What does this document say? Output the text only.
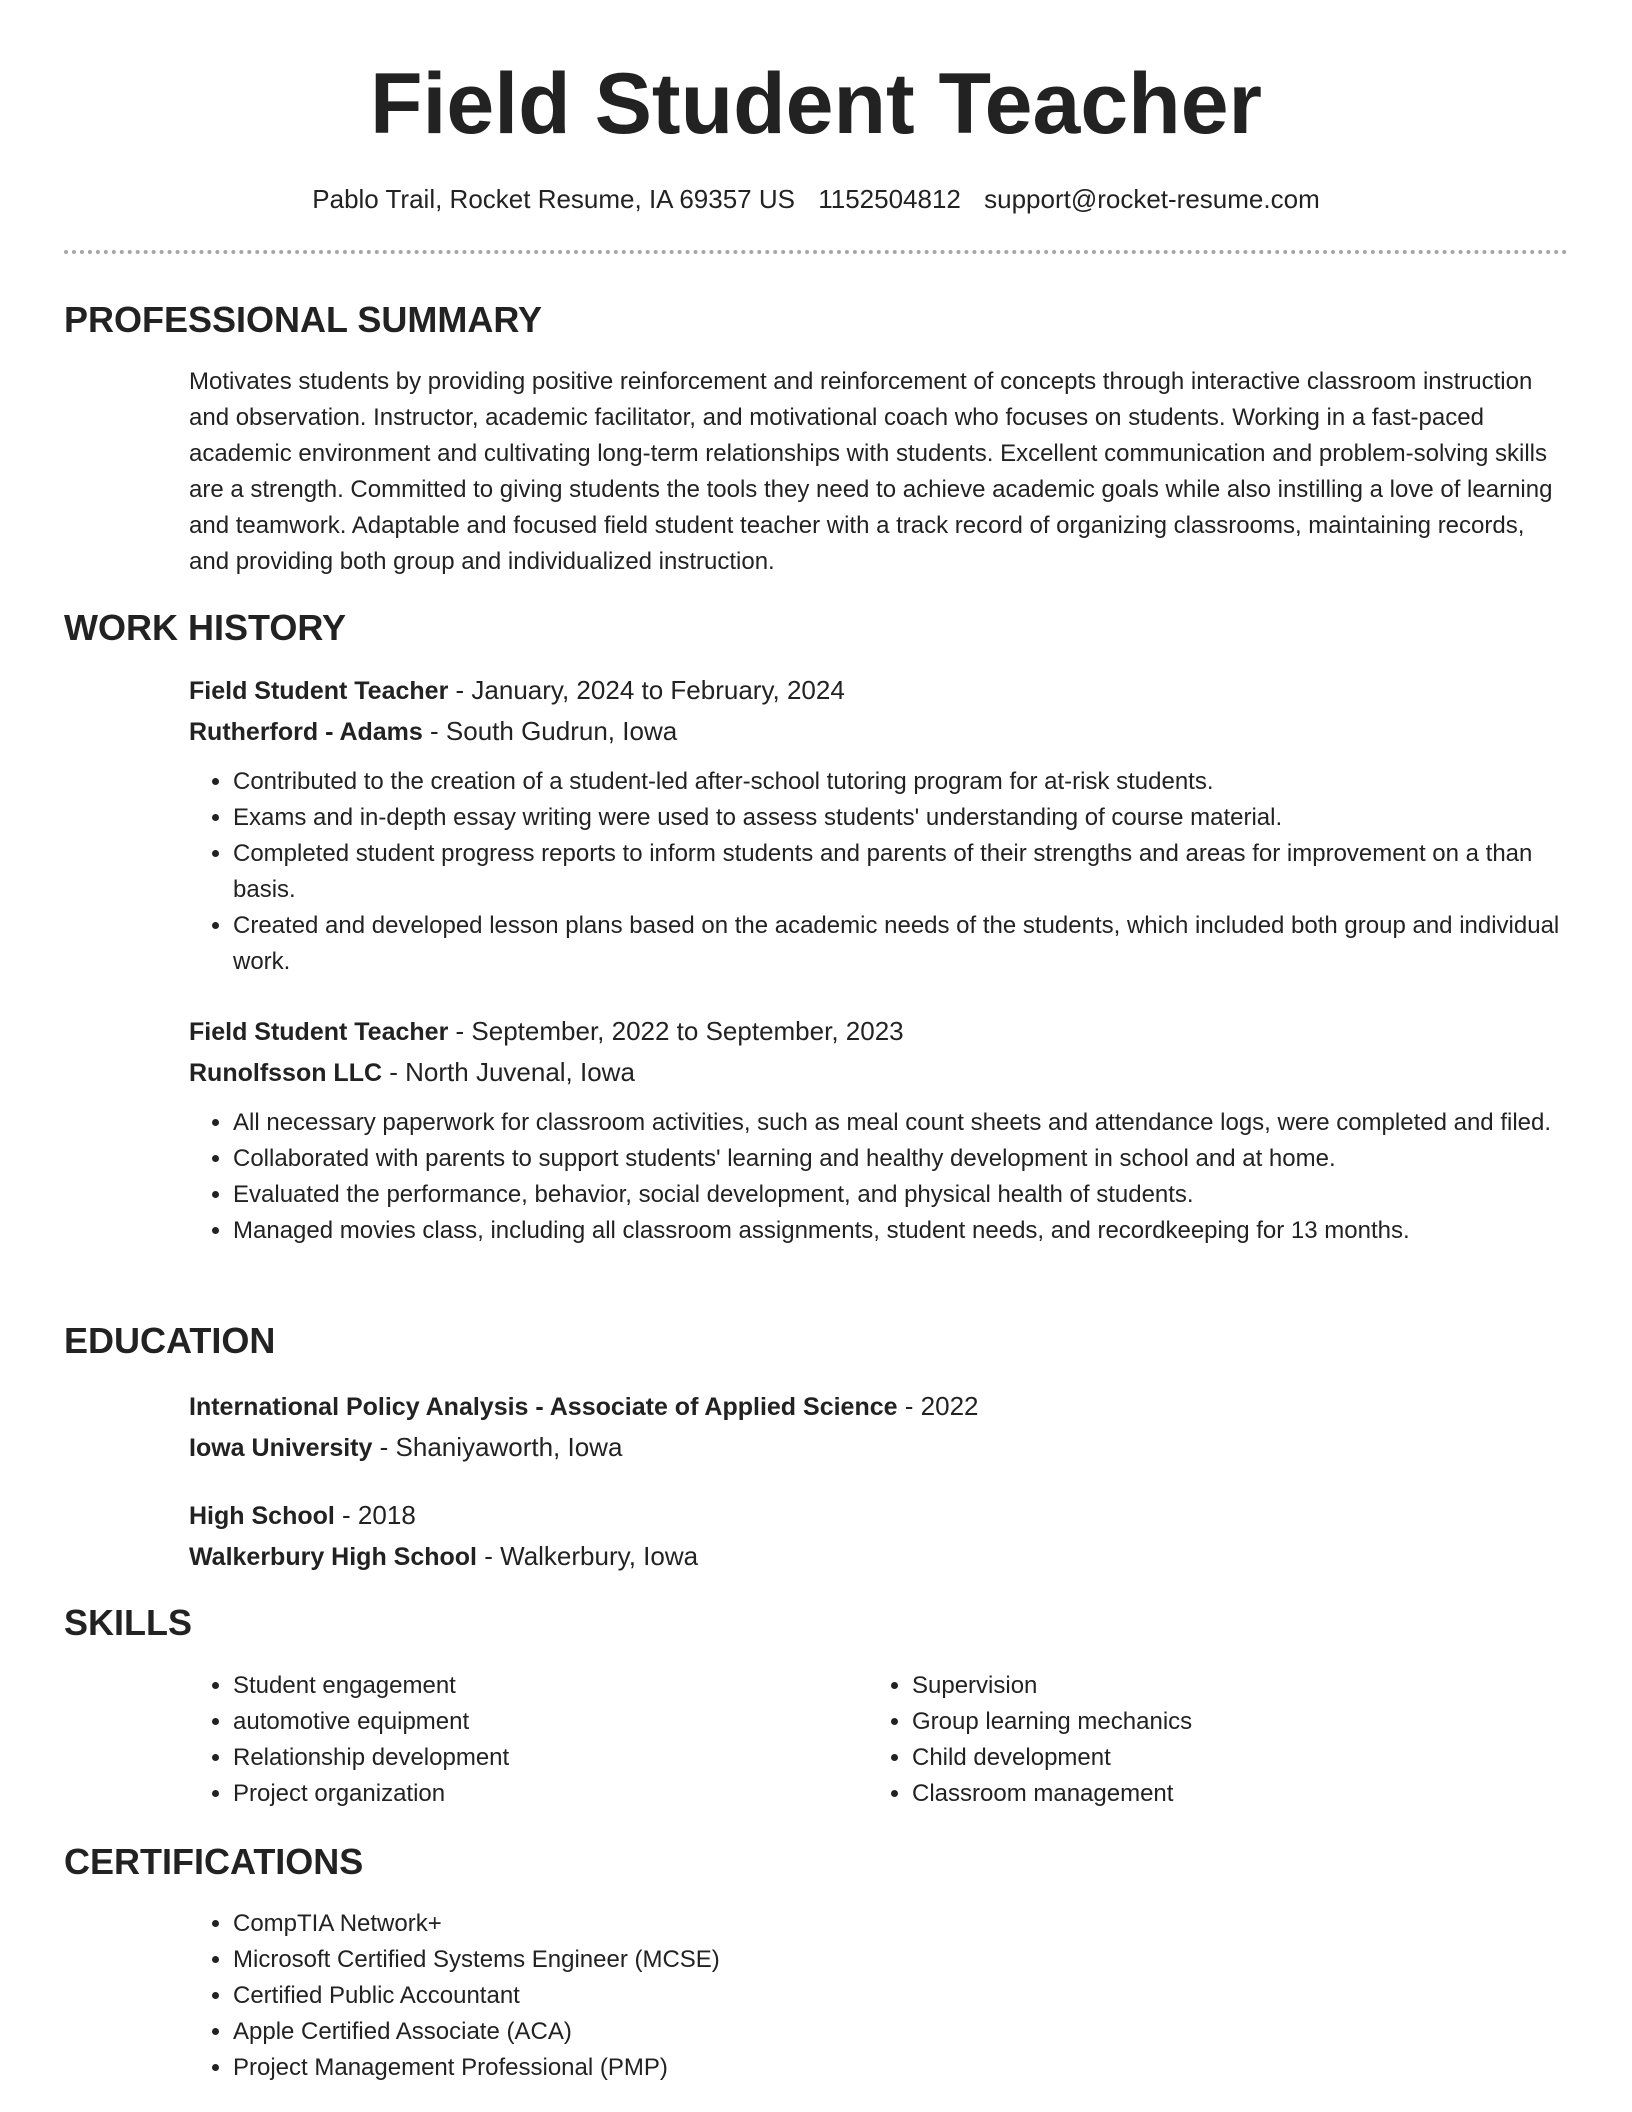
Field Student Teacher
Pablo Trail, Rocket Resume, IA 69357 US 1152504812 support@rocket-resume.com
PROFESSIONAL SUMMARY

Motivates students by providing positive reinforcement and reinforcement of concepts through interactive classroom instruction and observation. Instructor, academic facilitator, and motivational coach who focuses on students. Working in a fast-paced academic environment and cultivating long-term relationships with students. Excellent communication and problem-solving skills are a strength. Committed to giving students the tools they need to achieve academic goals while also instilling a love of learning and teamwork. Adaptable and focused field student teacher with a track record of organizing classrooms, maintaining records, and providing both group and individualized instruction.

WORK HISTORY

Field Student Teacher - January, 2024 to February, 2024

Rutherford - Adams - South Gudrun, Iowa

• Contributed to the creation of a student-led after-school tutoring program for at-risk students.
• Exams and in-depth essay writing were used to assess students' understanding of course material.
• Completed student progress reports to inform students and parents of their strengths and areas for improvement on a than basis.
• Created and developed lesson plans based on the academic needs of the students, which included both group and individual work.

Field Student Teacher - September, 2022 to September, 2023

Runolfsson LLC - North Juvenal, Iowa

• All necessary paperwork for classroom activities, such as meal count sheets and attendance logs, were completed and filed.
• Collaborated with parents to support students' learning and healthy development in school and at home.
• Evaluated the performance, behavior, social development, and physical health of students.
• Managed movies class, including all classroom assignments, student needs, and recordkeeping for 13 months.
EDUCATION

International Policy Analysis - Associate of Applied Science - 2022

Iowa University - Shaniyaworth, Iowa

High School - 2018

Walkerbury High School - Walkerbury, Iowa

SKILLS
• Student engagement
• automotive equipment
• Relationship development
• Project organization
• Supervision
• Group learning mechanics
• Child development
• Classroom management
CERTIFICATIONS
• CompTIA Network+
• Microsoft Certified Systems Engineer (MCSE)
• Certified Public Accountant
• Apple Certified Associate (ACA)
• Project Management Professional (PMP)
